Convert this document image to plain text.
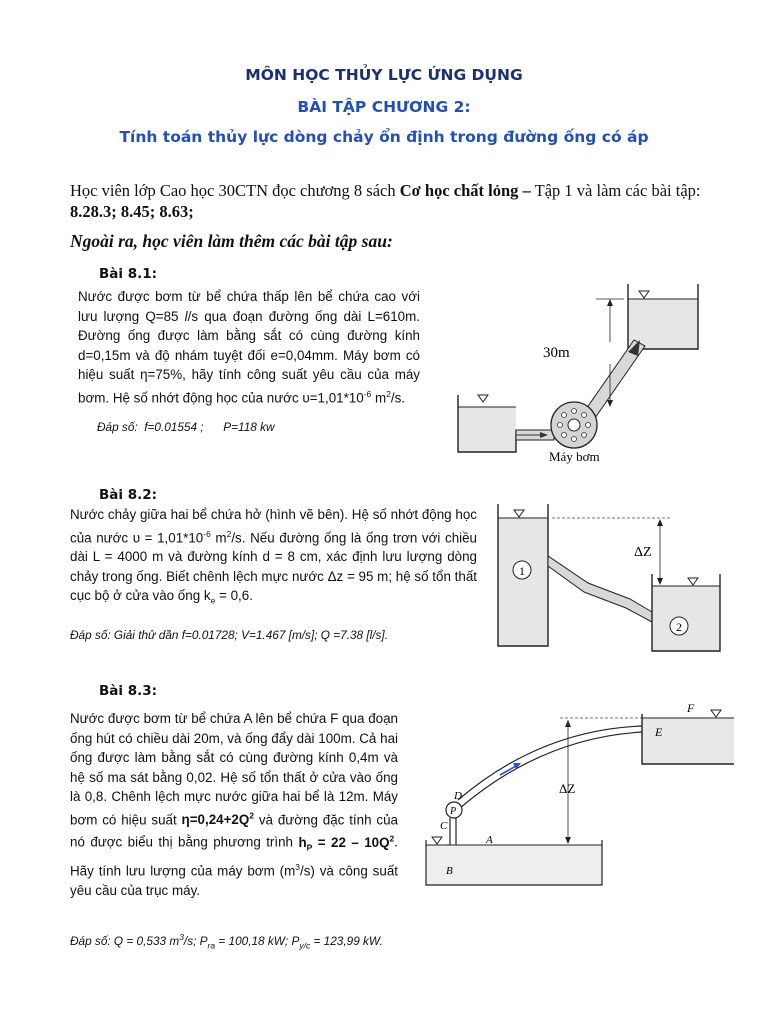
MÔN HỌC THỦY LỰC ỨNG DỤNG
BÀI TẬP CHƯƠNG 2:
Tính toán thủy lực dòng chảy ổn định trong đường ống có áp
Học viên lớp Cao học 30CTN đọc chương 8 sách Cơ học chất lỏng – Tập 1 và làm các bài tập:
8.28.3; 8.45; 8.63;
Ngoài ra, học viên làm thêm các bài tập sau:
Bài 8.1:
Nước được bơm từ bể chứa thấp lên bể chứa cao với lưu lượng Q=85 l/s qua đoạn đường ống dài L=610m. Đường ống được làm bằng sắt có cùng đường kính d=0,15m và độ nhám tuyệt đối e=0,04mm. Máy bơm có hiệu suất η=75%, hãy tính công suất yêu cầu của máy bơm. Hệ số nhớt động học của nước $\upsilon=1,01*10^{-6}$ $m^2/s$.
Đáp số: f=0.01554 ; P=118 kw
30m
Máy bơm
Bài 8.2:
Nước chảy giữa hai bể chứa hở (hình vẽ bên). Hệ số nhớt động học của nước $\upsilon = 1,01*10^{-6}$ $m^2/s$. Nếu đường ống là ống trơn với chiều dài L = 4000 m và đường kính d = 8 cm, xác định lưu lượng dòng chảy trong ống. Biết chênh lệch mực nước Δz = 95 m; hệ số tổn thất cục bộ ở cửa vào ống $k_e = 0,6$.
Đáp số: Giải thử dần f=0.01728; V=1.467 [m/s]; Q =7.38 [l/s].
1
2
ΔZ
Bài 8.3:
Nước được bơm từ bể chứa A lên bể chứa F qua đoạn ống hút có chiều dài 20m, và ống đẩy dài 100m. Cả hai ống được làm bằng sắt có cùng đường kính 0,4m và hệ số ma sát bằng 0,02. Hệ số tổn thất ở cửa vào ống là 0,8. Chênh lệch mực nước giữa hai bể là 12m. Máy bơm có hiệu suất $\eta=0,24+2Q^2$ và đường đặc tính của nó được biểu thị bằng phương trình $h_P = 22 - 10Q^2$. Hãy tính lưu lượng của máy bơm $(m^3/s)$ và công suất yêu cầu của trục máy.
Đáp số: Q = 0,533 $m^3/s$; $P_{ra} = 100,18$ kW; $P_{y/c} = 123,99$ kW.
F
E
P
D
C
A
B
ΔZ
